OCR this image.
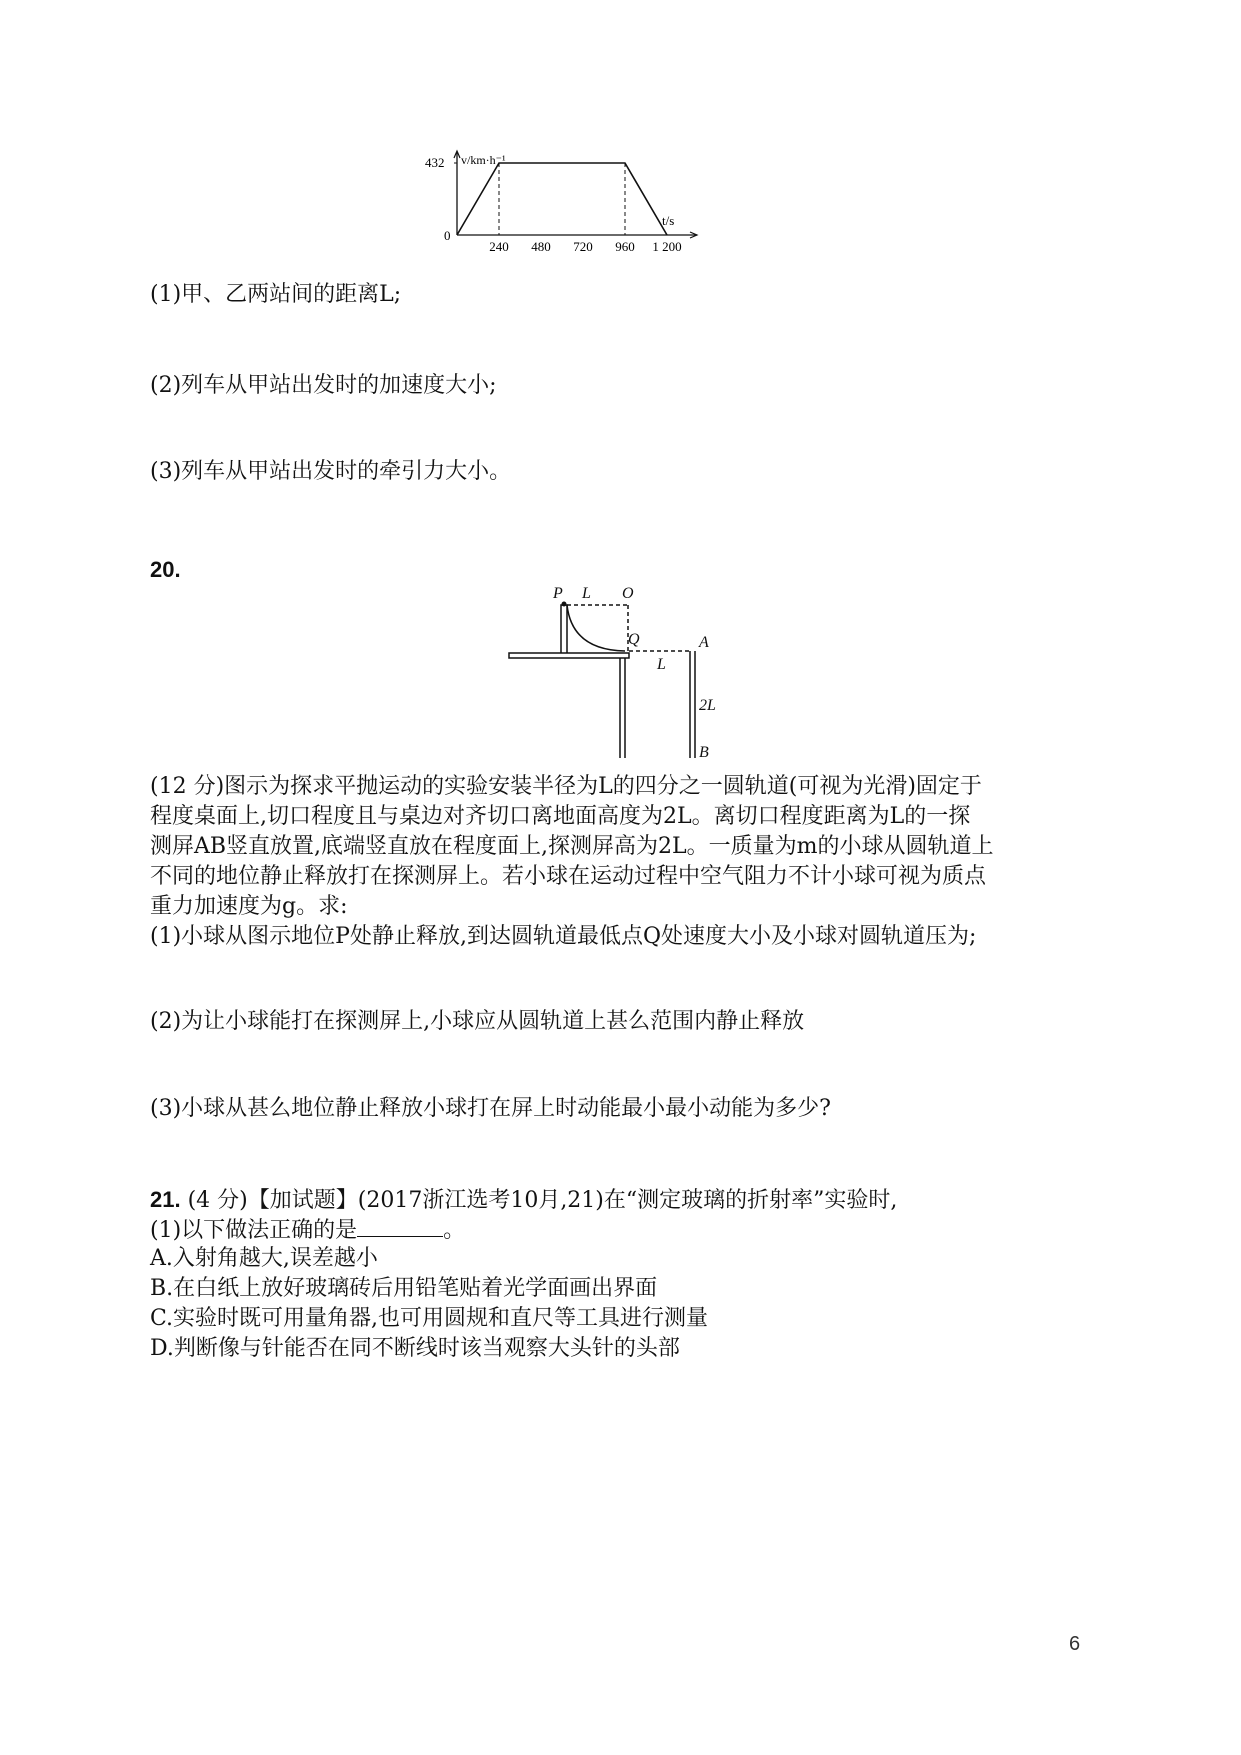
v/km·h⁻¹
t/s
0
432
240 480 720 960 1 200
(1)甲、乙两站间的距离L;
(2)列车从甲站出发时的加速度大小;
(3)列车从甲站出发时的牵引力大小。
20.
P L O
Q	A
L
2L
B
(12 分)图示为探求平抛运动的实验安装半径为L的四分之一圆轨道(可视为光滑)固定于
程度桌面上,切口程度且与桌边对齐切口离地面高度为2L。离切口程度距离为L的一探
测屏AB竖直放置,底端竖直放在程度面上,探测屏高为2L。一质量为m的小球从圆轨道上
不同的地位静止释放打在探测屏上。若小球在运动过程中空气阻力不计小球可视为质点
重力加速度为g。求:
(1)小球从图示地位P处静止释放,到达圆轨道最低点Q处速度大小及小球对圆轨道压为;
(2)为让小球能打在探测屏上,小球应从圆轨道上甚么范围内静止释放
(3)小球从甚么地位静止释放小球打在屏上时动能最小最小动能为多少?
21. (4 分)【加试题】(2017浙江选考10月,21)在“测定玻璃的折射率”实验时,
(1)以下做法正确的是	。
A.入射角越大,误差越小
B.在白纸上放好玻璃砖后用铅笔贴着光学面画出界面
C.实验时既可用量角器,也可用圆规和直尺等工具进行测量
D.判断像与针能否在同不断线时该当观察大头针的头部
6
